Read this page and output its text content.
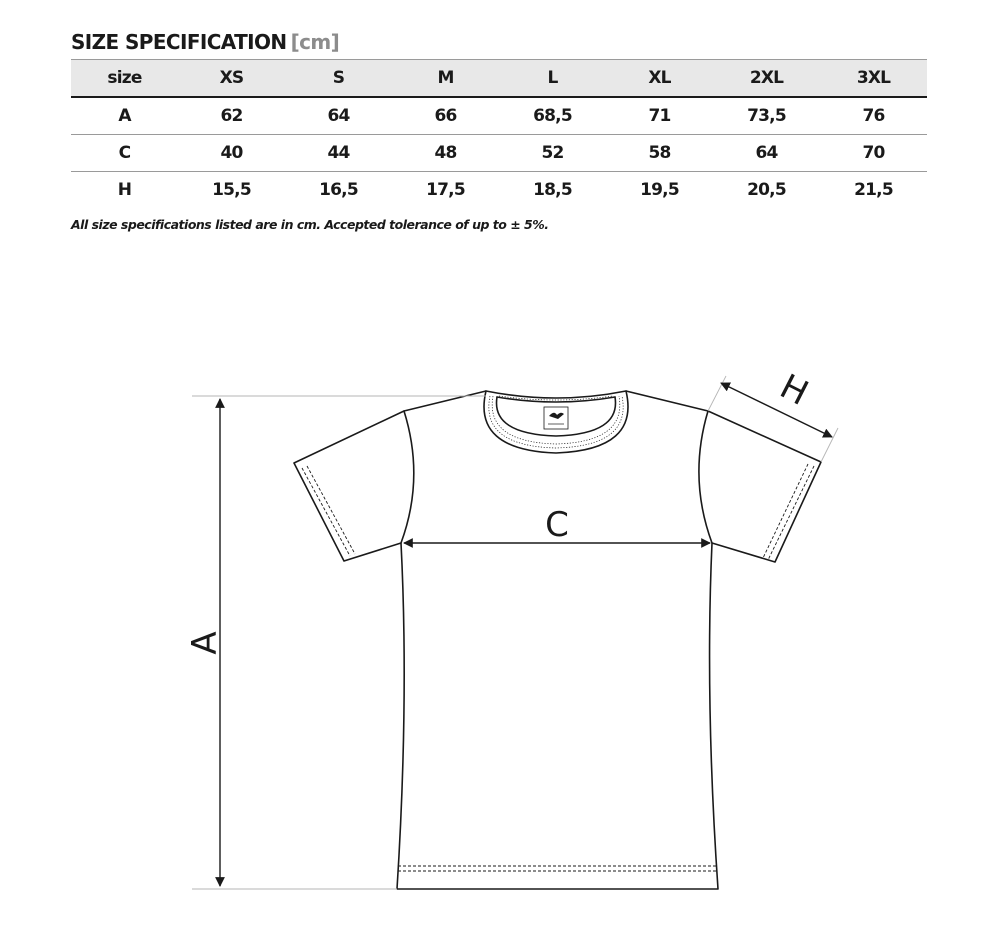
SIZE SPECIFICATION [cm]
size	XS	S	M	L	XL	2XL	3XL
A	62	64	66	68,5	71	73,5	76
C	40	44	48	52	58	64	70
H	15,5	16,5	17,5	18,5	19,5	20,5	21,5
All size specifications listed are in cm. Accepted tolerance of up to ± 5%.
A
C
H
